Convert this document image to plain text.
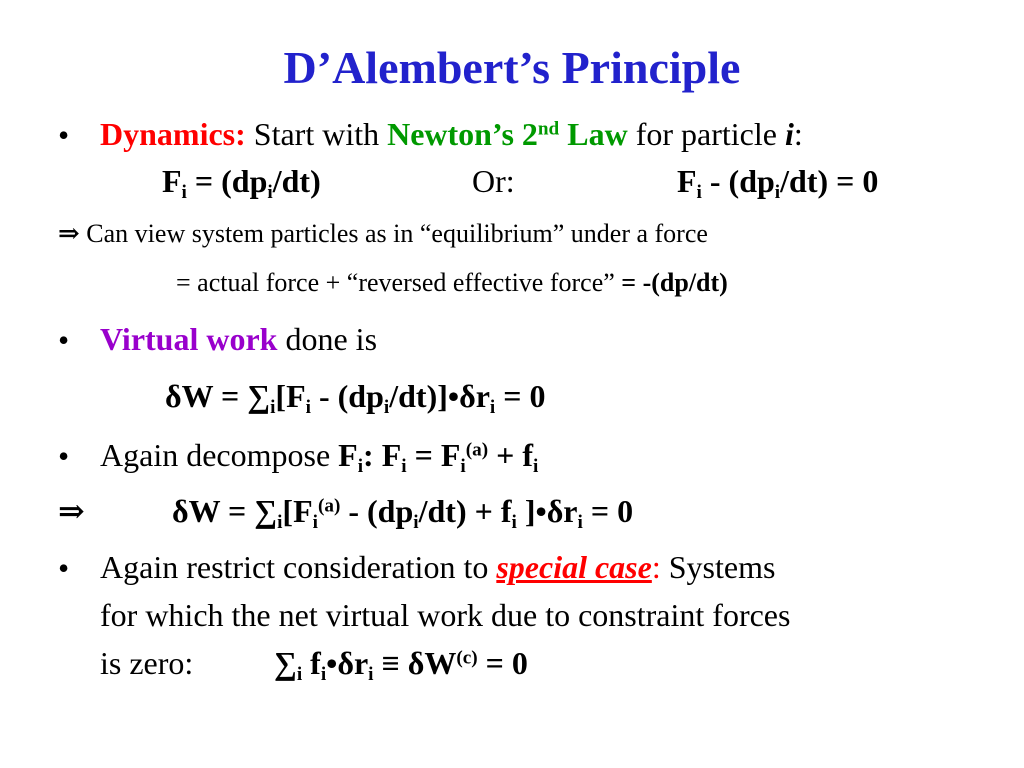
D’Alembert’s Principle
• Dynamics: Start with Newton’s 2nd Law for particle i:
$F_i = (dp_i/dt)$	Or:	$F_i - (dp_i/dt) = 0$
⇒ Can view system particles as in “equilibrium” under a force
= actual force + “reversed effective force” = -(dp/dt)
• Virtual work done is
$\delta W = \sum_i[F_i$ - $(dp_i/dt)]•\delta r_i = 0$
• Again decompose $F_i$: $F_i = F_i^{(a)} + f_i$
⇒	$\delta W = \sum_i[F_i^{(a)} - (dp_i/dt) + f_i$ ]$•\delta r_i = 0$
• Again restrict consideration to special case: Systems
for which the net virtual work due to constraint forces
is zero:	$\sum_i$ $f_i•\delta r_i \equiv \delta W^{(c)} = 0$
